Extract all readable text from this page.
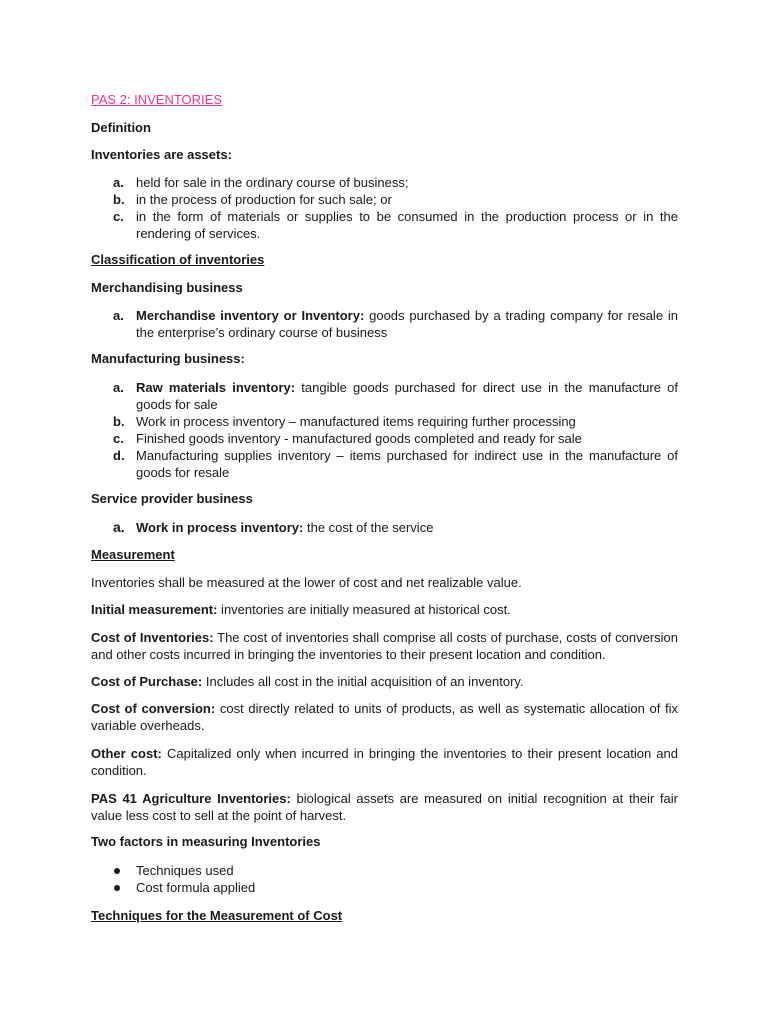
PAS 2: INVENTORIES
Definition
Inventories are assets:
a. held for sale in the ordinary course of business;
b. in the process of production for such sale; or
c. in the form of materials or supplies to be consumed in the production process or in the rendering of services.
Classification of inventories
Merchandising business
a. Merchandise inventory or Inventory: goods purchased by a trading company for resale in the enterprise’s ordinary course of business
Manufacturing business:
a. Raw materials inventory: tangible goods purchased for direct use in the manufacture of goods for sale
b. Work in process inventory – manufactured items requiring further processing
c. Finished goods inventory - manufactured goods completed and ready for sale
d. Manufacturing supplies inventory – items purchased for indirect use in the manufacture of goods for resale
Service provider business
a. Work in process inventory: the cost of the service
Measurement
Inventories shall be measured at the lower of cost and net realizable value.
Initial measurement: inventories are initially measured at historical cost.
Cost of Inventories: The cost of inventories shall comprise all costs of purchase, costs of conversion and other costs incurred in bringing the inventories to their present location and condition.
Cost of Purchase: Includes all cost in the initial acquisition of an inventory.
Cost of conversion: cost directly related to units of products, as well as systematic allocation of fix variable overheads.
Other cost: Capitalized only when incurred in bringing the inventories to their present location and condition.
PAS 41 Agriculture Inventories: biological assets are measured on initial recognition at their fair value less cost to sell at the point of harvest.
Two factors in measuring Inventories
Techniques used
Cost formula applied
Techniques for the Measurement of Cost
